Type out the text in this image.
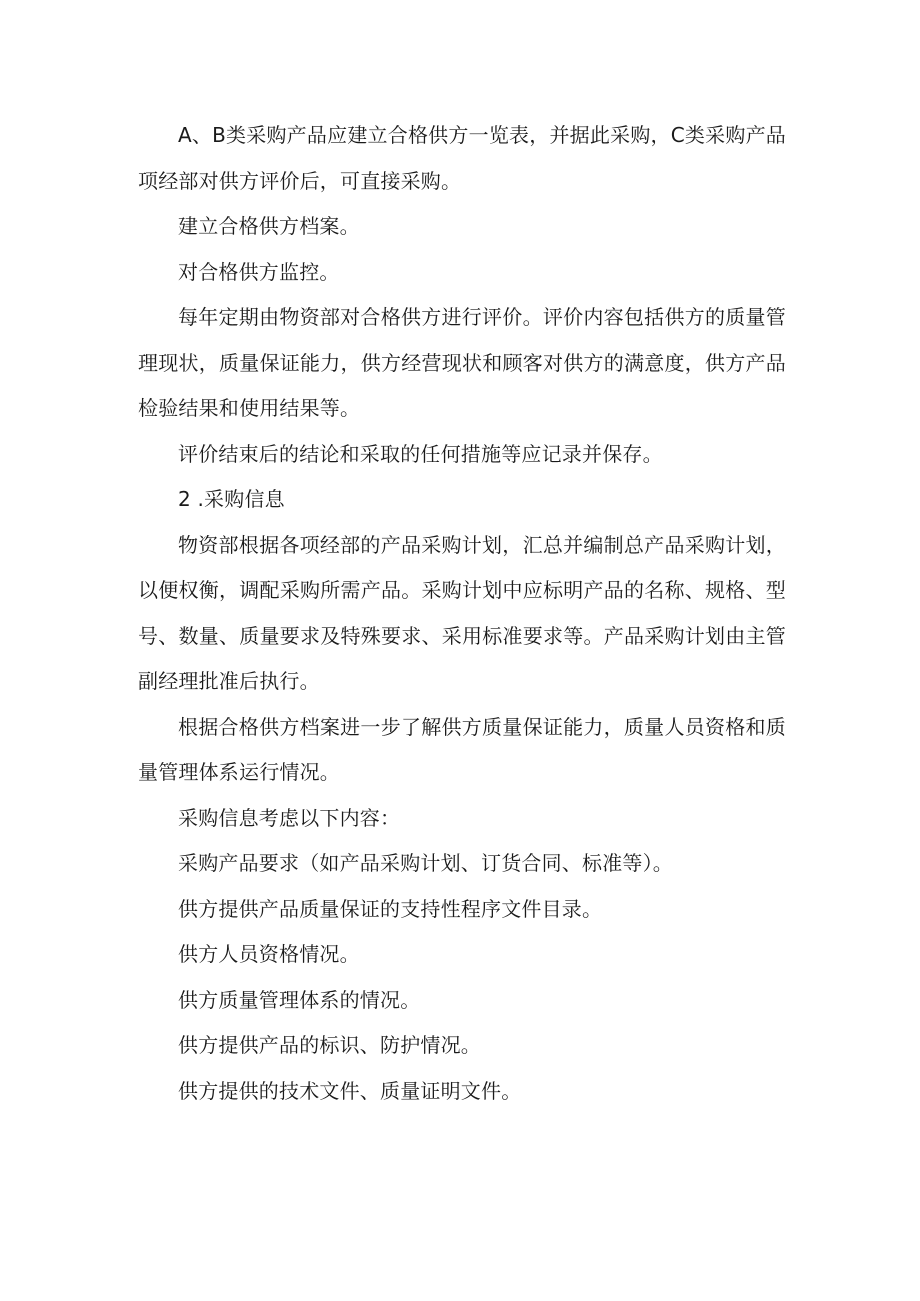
A、B类采购产品应建立合格供方一览表，并据此采购，C类采购产品项经部对供方评价后，可直接采购。

建立合格供方档案。

对合格供方监控。

每年定期由物资部对合格供方进行评价。评价内容包括供方的质量管理现状，质量保证能力，供方经营现状和顾客对供方的满意度，供方产品检验结果和使用结果等。

评价结束后的结论和采取的任何措施等应记录并保存。

2 .采购信息

物资部根据各项经部的产品采购计划，汇总并编制总产品采购计划，以便权衡，调配采购所需产品。采购计划中应标明产品的名称、规格、型号、数量、质量要求及特殊要求、采用标准要求等。产品采购计划由主管副经理批准后执行。

根据合格供方档案进一步了解供方质量保证能力，质量人员资格和质量管理体系运行情况。

采购信息考虑以下内容：

采购产品要求（如产品采购计划、订货合同、标准等）。

供方提供产品质量保证的支持性程序文件目录。

供方人员资格情况。

供方质量管理体系的情况。

供方提供产品的标识、防护情况。

供方提供的技术文件、质量证明文件。
